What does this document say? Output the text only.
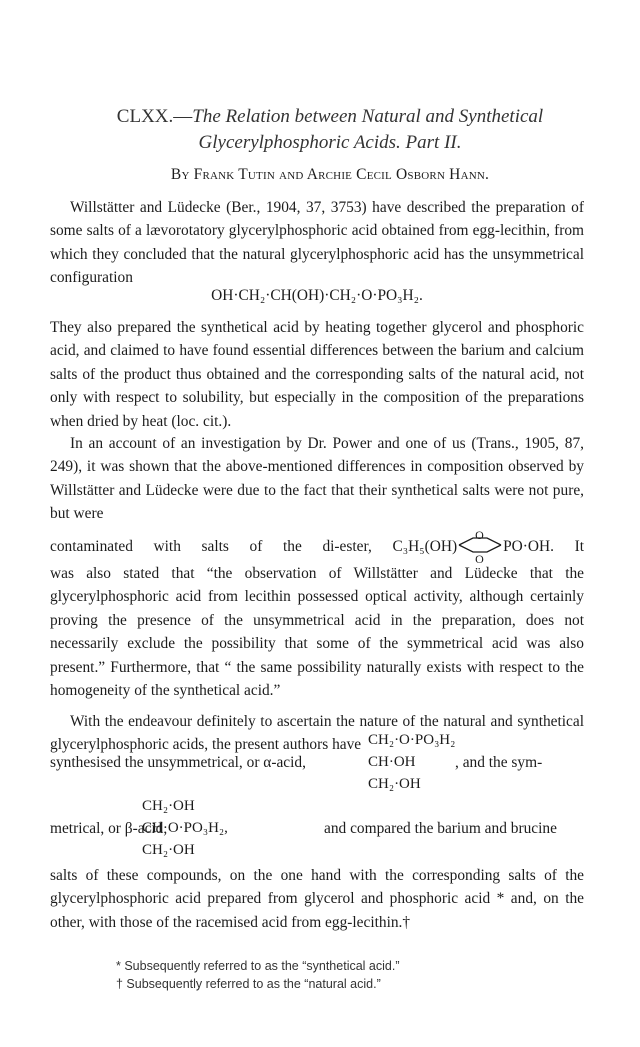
CLXX.—The Relation between Natural and Synthetical
Glycerylphosphoric Acids. Part II.
By Frank Tutin and Archie Cecil Osborn Hann.

Willstätter and Lüdecke (Ber., 1904, 37, 3753) have described the preparation of some salts of a lævorotatory glycerylphosphoric acid obtained from egg-lecithin, from which they concluded that the natural glycerylphosphoric acid has the unsymmetrical configuration

OH·CH₂·CH(OH)·CH₂·O·PO₃H₂.

They also prepared the synthetical acid by heating together glycerol and phosphoric acid, and claimed to have found essential differences between the barium and calcium salts of the product thus obtained and the corresponding salts of the natural acid, not only with respect to solubility, but especially in the composition of the preparations when dried by heat (loc. cit.).

In an account of an investigation by Dr. Power and one of us (Trans., 1905, 87, 249), it was shown that the above-mentioned differences in composition observed by Willstätter and Lüdecke were due to the fact that their synthetical salts were not pure, but were

contaminated with salts of the di-ester, C₃H₅(OH)
O
O
PO·OH. It

was also stated that “the observation of Willstätter and Lüdecke that the glycerylphosphoric acid from lecithin possessed optical activity, although certainly proving the presence of the unsymmetrical acid in the preparation, does not necessarily exclude the possibility that some of the symmetrical acid was also present.” Furthermore, that “ the same possibility naturally exists with respect to the homogeneity of the synthetical acid.”

With the endeavour definitely to ascertain the nature of the natural and synthetical glycerylphosphoric acids, the present authors have CH₂·O·PO₃H₂
CH·OH
CH₂·OH
synthesised the unsymmetrical, or α-acid,	, and the sym-
CH₂·OH
CH·O·PO₃H₂,
CH₂·OH
metrical, or β-acid,	and compared the barium and brucine

salts of these compounds, on the one hand with the corresponding salts of the glycerylphosphoric acid prepared from glycerol and phosphoric acid * and, on the other, with those of the racemised acid from egg-lecithin.†

* Subsequently referred to as the “synthetical acid.”
† Subsequently referred to as the “natural acid.”
